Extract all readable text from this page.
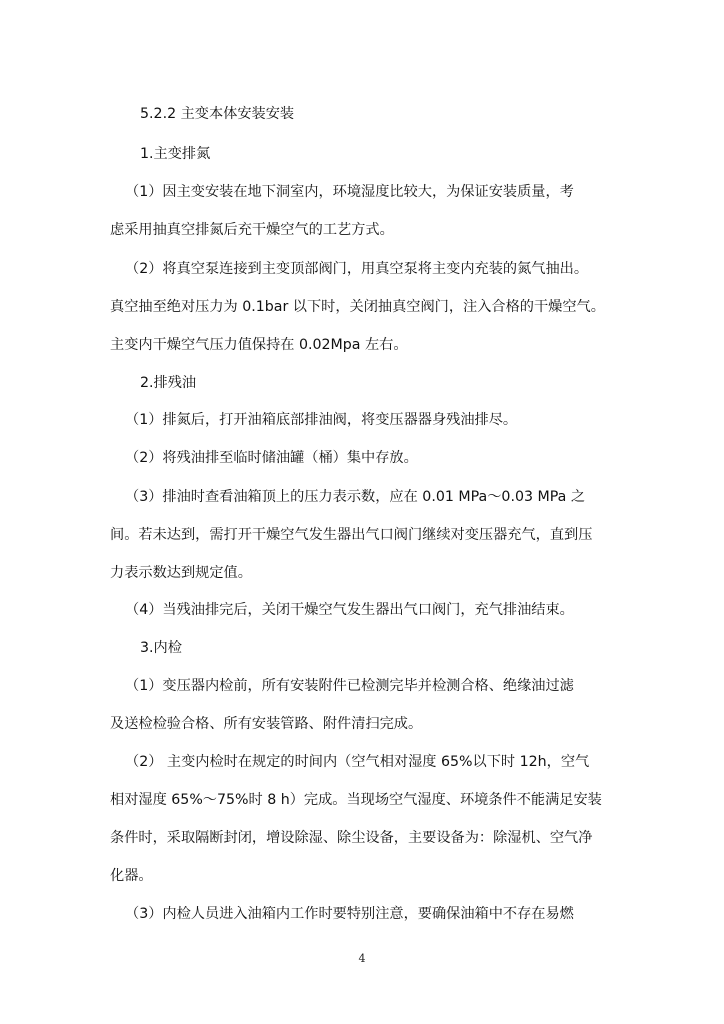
5.2.2 主变本体安装安装
1.主变排氮
（1）因主变安装在地下洞室内，环境湿度比较大，为保证安装质量，考
虑采用抽真空排氮后充干燥空气的工艺方式。
（2）将真空泵连接到主变顶部阀门，用真空泵将主变内充装的氮气抽出。
真空抽至绝对压力为 0.1bar 以下时，关闭抽真空阀门，注入合格的干燥空气。
主变内干燥空气压力值保持在 0.02Mpa 左右。
2.排残油
（1）排氮后，打开油箱底部排油阀，将变压器器身残油排尽。
（2）将残油排至临时储油罐（桶）集中存放。
（3）排油时查看油箱顶上的压力表示数，应在 0.01 MPa～0.03 MPa 之
间。若未达到，需打开干燥空气发生器出气口阀门继续对变压器充气，直到压
力表示数达到规定值。
（4）当残油排完后，关闭干燥空气发生器出气口阀门，充气排油结束。
3.内检
（1）变压器内检前，所有安装附件已检测完毕并检测合格、绝缘油过滤
及送检检验合格、所有安装管路、附件清扫完成。
（2） 主变内检时在规定的时间内（空气相对湿度 65%以下时 12h，空气
相对湿度 65%～75%时 8 h）完成。当现场空气湿度、环境条件不能满足安装
条件时，采取隔断封闭，增设除湿、除尘设备，主要设备为：除湿机、空气净
化器。
（3）内检人员进入油箱内工作时要特别注意，要确保油箱中不存在易燃
4
